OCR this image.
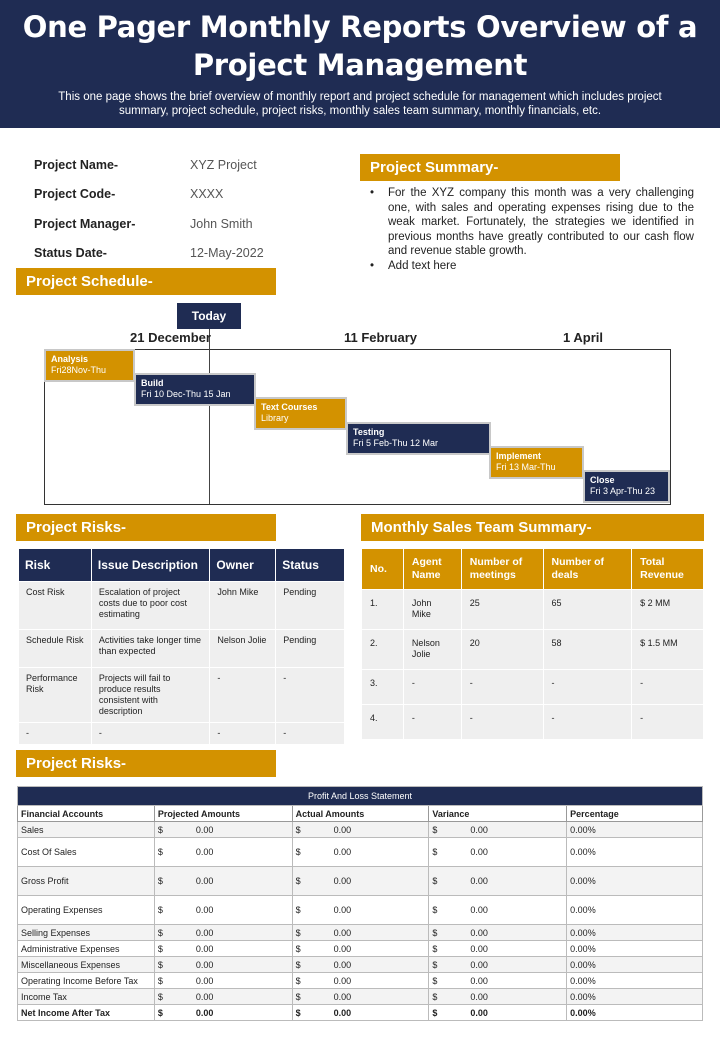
One Pager Monthly Reports Overview of a Project Management

This one page shows the brief overview of monthly report and project schedule for management which includes project summary, project schedule, project risks, monthly sales team summary, monthly financials, etc.

Project Name-	XYZ Project
Project Code-	XXXX
Project Manager-	John Smith
Status Date-	12-May-2022
Project Summary-
• For the XYZ company this month was a very challenging one, with sales and operating expenses rising due to the weak market. Fortunately, the strategies we identified in previous months have greatly contributed to our cash flow and revenue stable growth.
• Add text here
Project Schedule-
Today
21 December	11 February	1 April
Analysis
Fri28Nov-Thu
Build
Fri 10 Dec-Thu 15 Jan
Text Courses
Library
Testing
Fri 5 Feb-Thu 12 Mar
Implement
Fri 13 Mar-Thu
Close
Fri 3 Apr-Thu 23
Project Risks-
Risk	Issue Description	Owner	Status
Cost Risk	Escalation of project costs due to poor cost estimating	John Mike	Pending
Schedule Risk	Activities take longer time than expected	Nelson Jolie	Pending
Performance Risk	Projects will fail to produce results consistent with description	-	-
-	-	-	-
Monthly Sales Team Summary-
No.	Agent Name	Number of meetings	Number of deals	Total Revenue
1.	John Mike	25	65	$ 2 MM
2.	Nelson Jolie	20	58	$ 1.5 MM
3.	-	-	-	-
4.	-	-	-	-
Project Risks-
Profit And Loss Statement				
Financial Accounts	Projected Amounts	Actual Amounts	Variance	Percentage
Sales	$ 0.00	$ 0.00	$ 0.00	0.00%
Cost Of Sales	$ 0.00	$ 0.00	$ 0.00	0.00%
Gross Profit	$ 0.00	$ 0.00	$ 0.00	0.00%
Operating Expenses	$ 0.00	$ 0.00	$ 0.00	0.00%
Selling Expenses	$ 0.00	$ 0.00	$ 0.00	0.00%
Administrative Expenses	$ 0.00	$ 0.00	$ 0.00	0.00%
Miscellaneous Expenses	$ 0.00	$ 0.00	$ 0.00	0.00%
Operating Income Before Tax	$ 0.00	$ 0.00	$ 0.00	0.00%
Income Tax	$ 0.00	$ 0.00	$ 0.00	0.00%
Net Income After Tax	$ 0.00	$ 0.00	$ 0.00	0.00%
